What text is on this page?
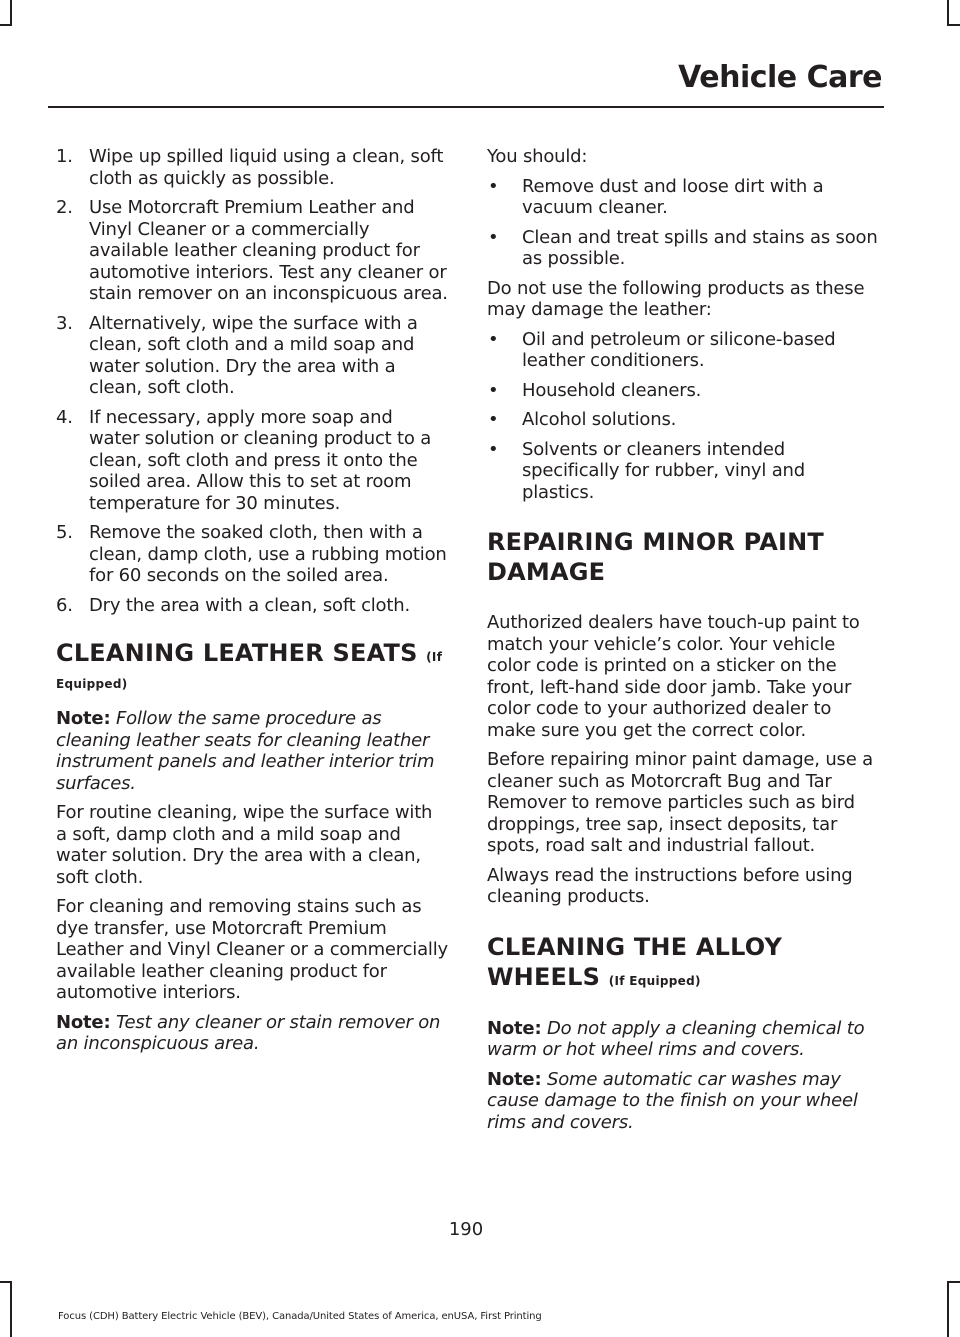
Vehicle Care
1. Wipe up spilled liquid using a clean, soft cloth as quickly as possible.
2. Use Motorcraft Premium Leather and Vinyl Cleaner or a commercially available leather cleaning product for automotive interiors. Test any cleaner or stain remover on an inconspicuous area.
3. Alternatively, wipe the surface with a clean, soft cloth and a mild soap and water solution. Dry the area with a clean, soft cloth.
4. If necessary, apply more soap and water solution or cleaning product to a clean, soft cloth and press it onto the soiled area. Allow this to set at room temperature for 30 minutes.
5. Remove the soaked cloth, then with a clean, damp cloth, use a rubbing motion for 60 seconds on the soiled area.
6. Dry the area with a clean, soft cloth.
CLEANING LEATHER SEATS (If
Equipped)

Note: Follow the same procedure as cleaning leather seats for cleaning leather instrument panels and leather interior trim surfaces.

For routine cleaning, wipe the surface with a soft, damp cloth and a mild soap and water solution. Dry the area with a clean, soft cloth.

For cleaning and removing stains such as dye transfer, use Motorcraft Premium Leather and Vinyl Cleaner or a commercially available leather cleaning product for automotive interiors.

Note: Test any cleaner or stain remover on an inconspicuous area.

You should:

•	Remove dust and loose dirt with a vacuum cleaner.
•	Clean and treat spills and stains as soon as possible.

Do not use the following products as these may damage the leather:

•	Oil and petroleum or silicone-based leather conditioners.
•	Household cleaners.
•	Alcohol solutions.
•	Solvents or cleaners intended specifically for rubber, vinyl and plastics.
REPAIRING MINOR PAINT
DAMAGE

Authorized dealers have touch-up paint to match your vehicle’s color. Your vehicle color code is printed on a sticker on the front, left-hand side door jamb. Take your color code to your authorized dealer to make sure you get the correct color.

Before repairing minor paint damage, use a cleaner such as Motorcraft Bug and Tar Remover to remove particles such as bird droppings, tree sap, insect deposits, tar spots, road salt and industrial fallout.

Always read the instructions before using cleaning products.

CLEANING THE ALLOY
WHEELS (If Equipped)

Note: Do not apply a cleaning chemical to warm or hot wheel rims and covers.

Note: Some automatic car washes may cause damage to the finish on your wheel rims and covers.

190
Focus (CDH) Battery Electric Vehicle (BEV), Canada/United States of America, enUSA, First Printing
